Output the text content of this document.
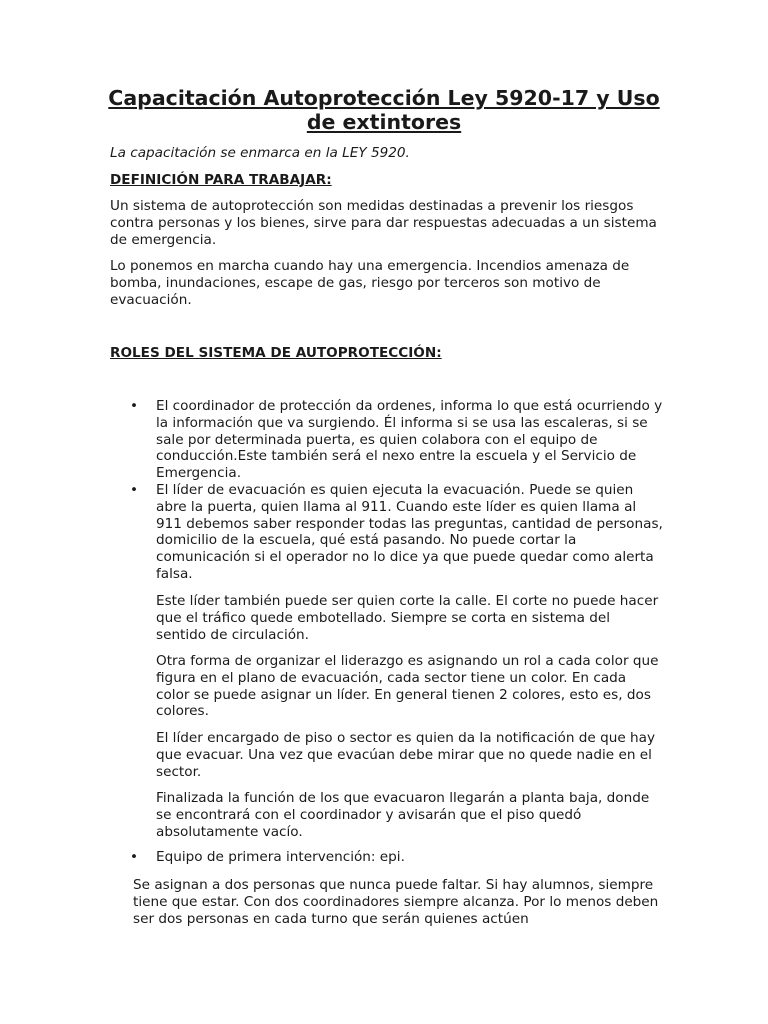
Capacitación Autoprotección Ley 5920-17 y Uso de extintores

La capacitación se enmarca en la LEY 5920.

DEFINICIÓN PARA TRABAJAR:

Un sistema de autoprotección son medidas destinadas a prevenir los riesgos contra personas y los bienes, sirve para dar respuestas adecuadas a un sistema de emergencia.

Lo ponemos en marcha cuando hay una emergencia. Incendios amenaza de bomba, inundaciones, escape de gas, riesgo por terceros son motivo de evacuación.

ROLES DEL SISTEMA DE AUTOPROTECCIÓN:

• El coordinador de protección da ordenes, informa lo que está ocurriendo y la información que va surgiendo. Él informa si se usa las escaleras, si se sale por determinada puerta, es quien colabora con el equipo de conducción.Este también será el nexo entre la escuela y el Servicio de Emergencia.

• El líder de evacuación es quien ejecuta la evacuación. Puede se quien abre la puerta, quien llama al 911. Cuando este líder es quien llama al 911 debemos saber responder todas las preguntas, cantidad de personas, domicilio de la escuela, qué está pasando. No puede cortar la comunicación si el operador no lo dice ya que puede quedar como alerta falsa.

Este líder también puede ser quien corte la calle. El corte no puede hacer que el tráfico quede embotellado. Siempre se corta en sistema del sentido de circulación.

Otra forma de organizar el liderazgo es asignando un rol a cada color que figura en el plano de evacuación, cada sector tiene un color. En cada color se puede asignar un líder. En general tienen 2 colores, esto es, dos colores.

El líder encargado de piso o sector es quien da la notificación de que hay que evacuar. Una vez que evacúan debe mirar que no quede nadie en el sector.

Finalizada la función de los que evacuaron llegarán a planta baja, donde se encontrará con el coordinador y avisarán que el piso quedó absolutamente vacío.

• Equipo de primera intervención: epi.

Se asignan a dos personas que nunca puede faltar. Si hay alumnos, siempre tiene que estar. Con dos coordinadores siempre alcanza. Por lo menos deben ser dos personas en cada turno que serán quienes actúen
